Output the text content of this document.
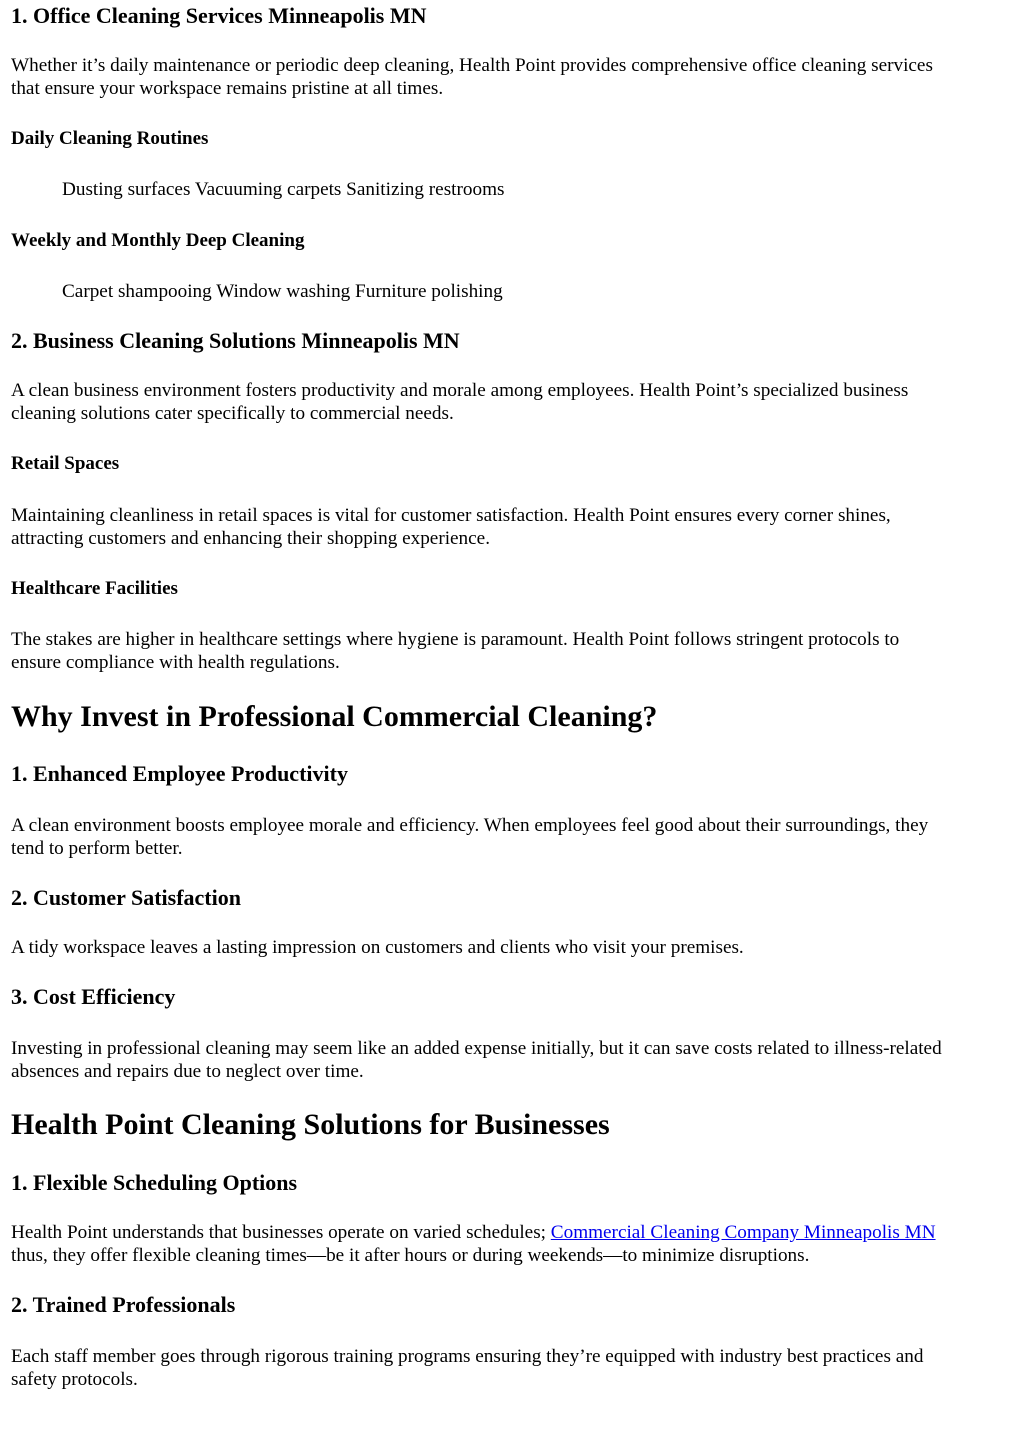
1. Office Cleaning Services Minneapolis MN

Whether it’s daily maintenance or periodic deep cleaning, Health Point provides comprehensive office cleaning services

that ensure your workspace remains pristine at all times.

Daily Cleaning Routines

Dusting surfaces Vacuuming carpets Sanitizing restrooms

Weekly and Monthly Deep Cleaning

Carpet shampooing Window washing Furniture polishing

2. Business Cleaning Solutions Minneapolis MN

A clean business environment fosters productivity and morale among employees. Health Point’s specialized business

cleaning solutions cater specifically to commercial needs.

Retail Spaces

Maintaining cleanliness in retail spaces is vital for customer satisfaction. Health Point ensures every corner shines,

attracting customers and enhancing their shopping experience.

Healthcare Facilities

The stakes are higher in healthcare settings where hygiene is paramount. Health Point follows stringent protocols to

ensure compliance with health regulations.

Why Invest in Professional Commercial Cleaning?
1. Enhanced Employee Productivity

A clean environment boosts employee morale and efficiency. When employees feel good about their surroundings, they

tend to perform better.

2. Customer Satisfaction

A tidy workspace leaves a lasting impression on customers and clients who visit your premises.

3. Cost Efficiency

Investing in professional cleaning may seem like an added expense initially, but it can save costs related to illness-related

absences and repairs due to neglect over time.

Health Point Cleaning Solutions for Businesses
1. Flexible Scheduling Options

Health Point understands that businesses operate on varied schedules; Commercial Cleaning Company Minneapolis MN

thus, they offer flexible cleaning times—be it after hours or during weekends—to minimize disruptions.

2. Trained Professionals

Each staff member goes through rigorous training programs ensuring they’re equipped with industry best practices and

safety protocols.
